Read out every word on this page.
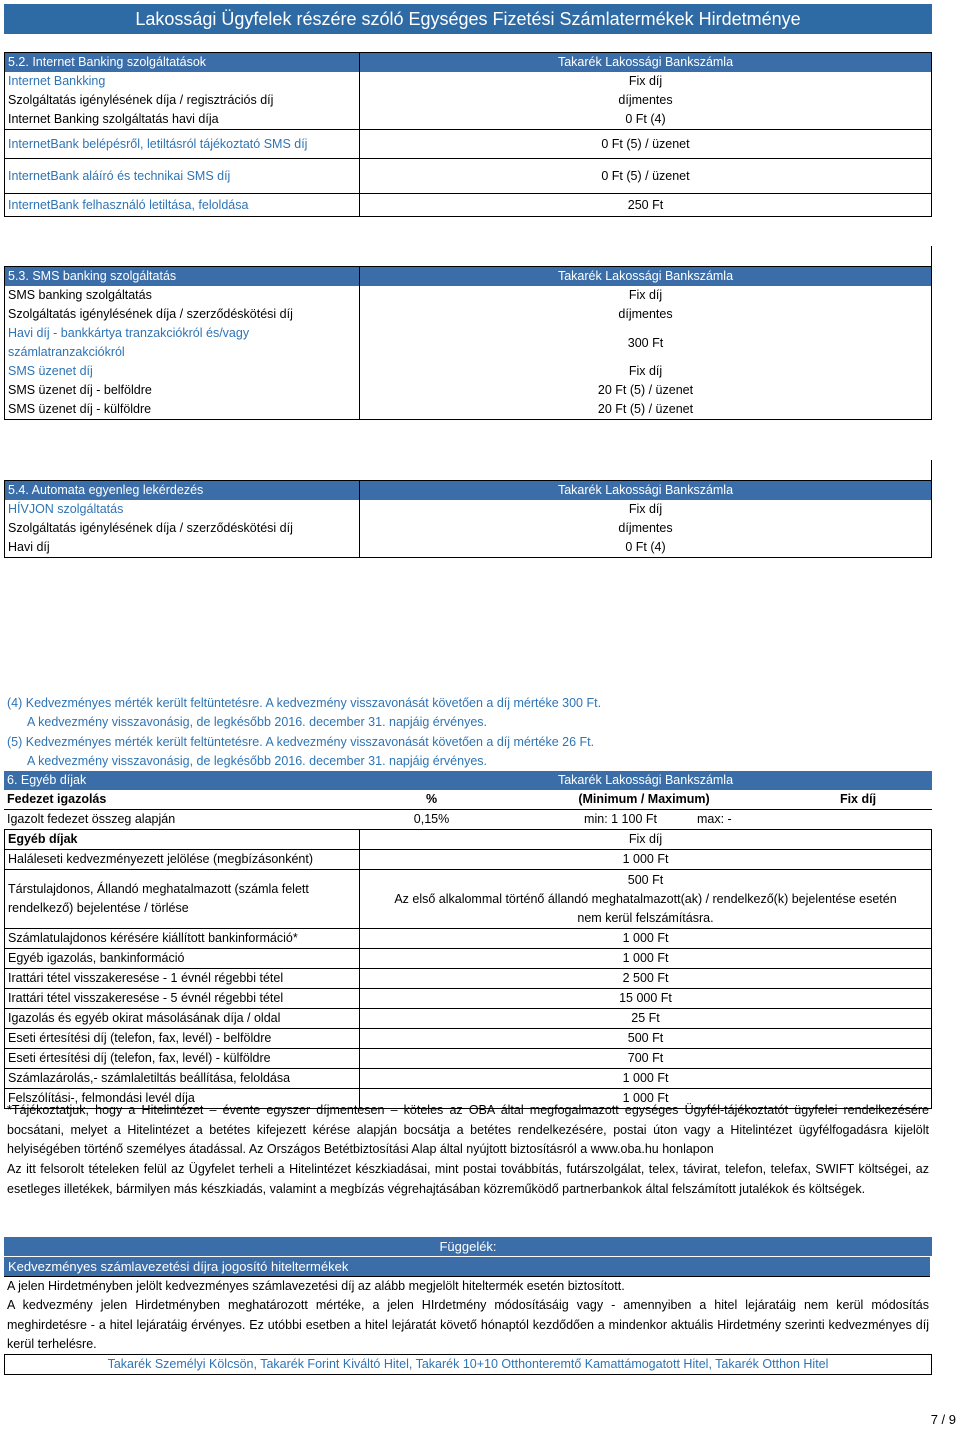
Lakossági Ügyfelek részére szóló Egységes Fizetési Számlatermékek Hirdetménye
5.2. Internet Banking szolgáltatások	Takarék Lakossági Bankszámla
Internet Bankking	Fix díj
Szolgáltatás igénylésének díja / regisztrációs díj	díjmentes
Internet Banking szolgáltatás havi díja	0 Ft (4)
InternetBank belépésről, letiltásról tájékoztató SMS díj	0 Ft (5) / üzenet
InternetBank aláíró és technikai SMS díj	0 Ft (5) / üzenet
InternetBank felhasználó letiltása, feloldása	250 Ft
5.3. SMS banking szolgáltatás	Takarék Lakossági Bankszámla
SMS banking szolgáltatás	Fix díj
Szolgáltatás igénylésének díja / szerződéskötési díj	díjmentes
Havi díj - bankkártya tranzakciókról és/vagy
számlatranzakciókról	300 Ft
SMS üzenet díj	Fix díj
SMS üzenet díj - belföldre	20 Ft (5) / üzenet
SMS üzenet díj - külföldre	20 Ft (5) / üzenet
5.4. Automata egyenleg lekérdezés	Takarék Lakossági Bankszámla
HÍVJON szolgáltatás	Fix díj
Szolgáltatás igénylésének díja / szerződéskötési díj	díjmentes
Havi díj	0 Ft (4)
(4) Kedvezményes mérték került feltüntetésre. A kedvezmény visszavonását követően a díj mértéke 300 Ft.
A kedvezmény visszavonásig, de legkésőbb 2016. december 31. napjáig érvényes.
(5) Kedvezményes mérték került feltüntetésre. A kedvezmény visszavonását követően a díj mértéke 26 Ft.
A kedvezmény visszavonásig, de legkésőbb 2016. december 31. napjáig érvényes.
6. Egyéb díjak	Takarék Lakossági Bankszámla		
Fedezet igazolás	%	(Minimum / Maximum)	Fix díj
Igazolt fedezet összeg alapján	0,15%	min: 1 100 Ft max: -	
Egyéb díjak	Fix díj
Haláleseti kedvezményezett jelölése (megbízásonként)	1 000 Ft
Társtulajdonos, Állandó meghatalmazott (számla felett
rendelkező) bejelentése / törlése	500 Ft
Az első alkalommal történő állandó meghatalmazott(ak) / rendelkező(k) bejelentése esetén
nem kerül felszámításra.
Számlatulajdonos kérésére kiállított bankinformáció*	1 000 Ft
Egyéb igazolás, bankinformáció	1 000 Ft
Irattári tétel visszakeresése - 1 évnél régebbi tétel	2 500 Ft
Irattári tétel visszakeresése - 5 évnél régebbi tétel	15 000 Ft
Igazolás és egyéb okirat másolásának díja / oldal	25 Ft
Eseti értesítési díj (telefon, fax, levél) - belföldre	500 Ft
Eseti értesítési díj (telefon, fax, levél) - külföldre	700 Ft
Számlazárolás,- számlaletiltás beállítása, feloldása	1 000 Ft
Felszólítási-, felmondási levél díja	1 000 Ft
*Tájékoztatjuk, hogy a Hitelintézet – évente egyszer díjmentesen – köteles az OBA által megfogalmazott egységes Ügyfél-tájékoztatót ügyfelei rendelkezésére bocsátani, melyet a Hitelintézet a betétes kifejezett kérése alapján bocsátja a betétes rendelkezésére, postai úton vagy a Hitelintézet ügyfélfogadásra kijelölt helyiségében történő személyes átadással. Az Országos Betétbiztosítási Alap által nyújtott biztosításról a www.oba.hu honlapon
Az itt felsorolt tételeken felül az Ügyfelet terheli a Hitelintézet készkiadásai, mint postai továbbítás, futárszolgálat, telex, távirat, telefon, telefax, SWIFT költségei, az esetleges illetékek, bármilyen más készkiadás, valamint a megbízás végrehajtásában közreműködő partnerbankok által felszámított jutalékok és költségek.
Függelék:
Kedvezményes számlavezetési díjra jogosító hiteltermékek
A jelen Hirdetményben jelölt kedvezményes számlavezetési díj az alább megjelölt hiteltermék esetén biztosított.
A kedvezmény jelen Hirdetményben meghatározott mértéke, a jelen HIrdetmény módosításáig vagy - amennyiben a hitel lejáratáig nem kerül módosítás meghirdetésre - a hitel lejáratáig érvényes. Ez utóbbi esetben a hitel lejáratát követő hónaptól kezdődően a mindenkor aktuális Hirdetmény szerinti kedvezményes díj kerül terhelésre.
Takarék Személyi Kölcsön, Takarék Forint Kiváltó Hitel, Takarék 10+10 Otthonteremtő Kamattámogatott Hitel, Takarék Otthon Hitel
7 / 9
